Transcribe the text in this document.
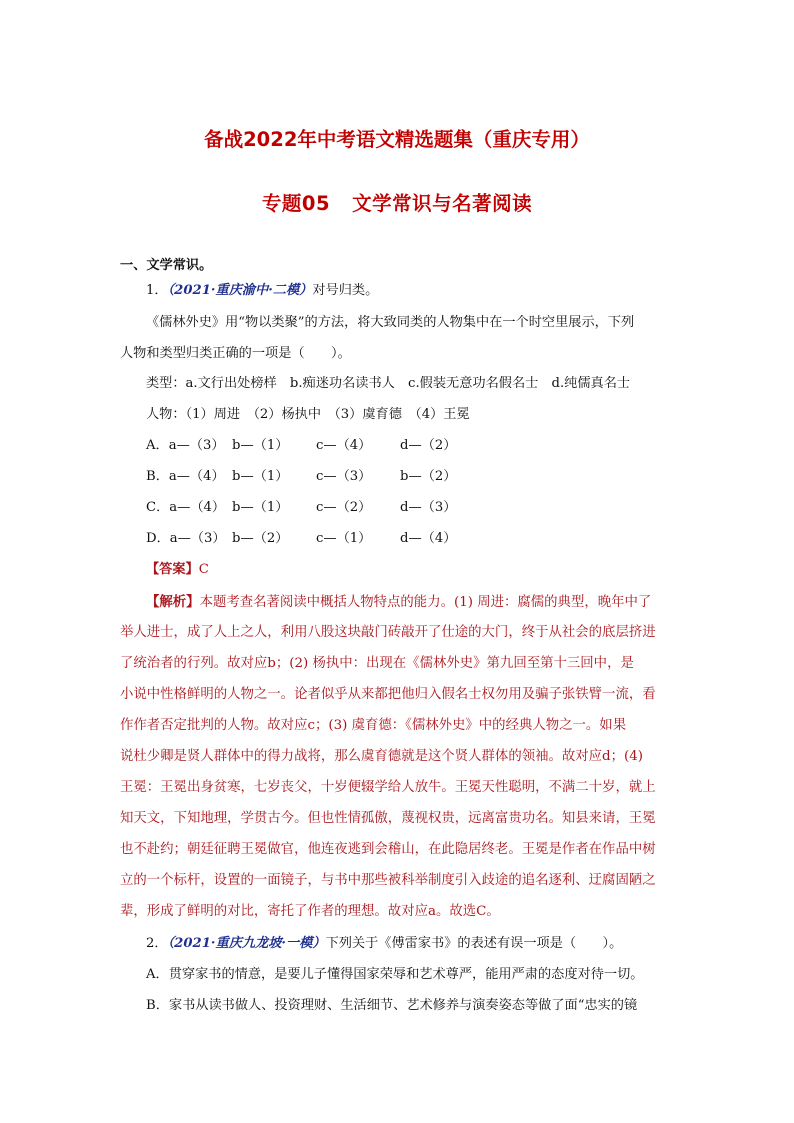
备战2022年中考语文精选题集（重庆专用）
专题05 文学常识与名著阅读
一、文学常识。
1．（2021·重庆渝中·二模）对号归类。
《儒林外史》用“物以类聚”的方法，将大致同类的人物集中在一个时空里展示，下列
人物和类型归类正确的一项是（　　）。
类型：a.文行出处榜样　b.痴迷功名读书人　c.假装无意功名假名士　d.纯儒真名士
人物：（1）周进　（2）杨执中　（3）虞育德　（4）王冕
A．a—（3） b—（1） c—（4） d—（2）
B．a—（4） b—（1） c—（3） b—（2）
C．a—（4） b—（1） c—（2） d—（3）
D．a—（3） b—（2） c—（1） d—（4）
【答案】C
【解析】本题考查名著阅读中概括人物特点的能力。(1) 周进：腐儒的典型，晚年中了
举人进士，成了人上之人，利用八股这块敲门砖敲开了仕途的大门，终于从社会的底层挤进
了统治者的行列。故对应b；(2) 杨执中：出现在《儒林外史》第九回至第十三回中，是
小说中性格鲜明的人物之一。论者似乎从来都把他归入假名士权勿用及骗子张铁臂一流，看
作作者否定批判的人物。故对应c；(3) 虞育德：《儒林外史》中的经典人物之一。如果
说杜少卿是贤人群体中的得力战将，那么虞育德就是这个贤人群体的领袖。故对应d；(4)
王冕：王冕出身贫寒，七岁丧父，十岁便辍学给人放牛。王冕天性聪明，不满二十岁，就上
知天文，下知地理，学贯古今。但也性情孤傲，蔑视权贵，远离富贵功名。知县来请，王冕
也不赴约；朝廷征聘王冕做官，他连夜逃到会稽山，在此隐居终老。王冕是作者在作品中树
立的一个标杆，设置的一面镜子，与书中那些被科举制度引入歧途的追名逐利、迂腐固陋之
辈，形成了鲜明的对比，寄托了作者的理想。故对应a。故选C。
2．（2021·重庆九龙坡·一模）下列关于《傅雷家书》的表述有误一项是（　　）。
A．贯穿家书的情意，是要儿子懂得国家荣辱和艺术尊严，能用严肃的态度对待一切。
B．家书从读书做人、投资理财、生活细节、艺术修养与演奏姿态等做了面“忠实的镜
